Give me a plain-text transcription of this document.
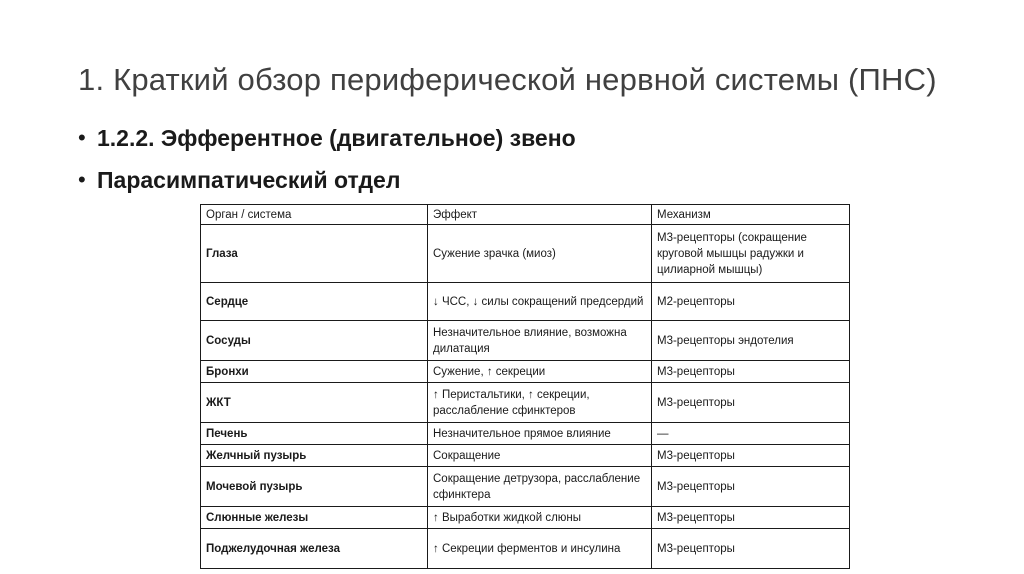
1. Краткий обзор периферической нервной системы (ПНС)
• 1.2.2. Эфферентное (двигательное) звено
• Парасимпатический отдел
Орган / система	Эффект	Механизм
Глаза	Сужение зрачка (миоз)	М3-рецепторы (сокращение круговой мышцы радужки и цилиарной мышцы)
Сердце	↓ ЧСС, ↓ силы сокращений предсердий	М2-рецепторы
Сосуды	Незначительное влияние, возможна дилатация	М3-рецепторы эндотелия
Бронхи	Сужение, ↑ секреции	М3-рецепторы
ЖКТ	↑ Перистальтики, ↑ секреции, расслабление сфинктеров	М3-рецепторы
Печень	Незначительное прямое влияние	—
Желчный пузырь	Сокращение	М3-рецепторы
Мочевой пузырь	Сокращение детрузора, расслабление сфинктера	М3-рецепторы
Слюнные железы	↑ Выработки жидкой слюны	М3-рецепторы
Поджелудочная железа	↑ Секреции ферментов и инсулина	М3-рецепторы
